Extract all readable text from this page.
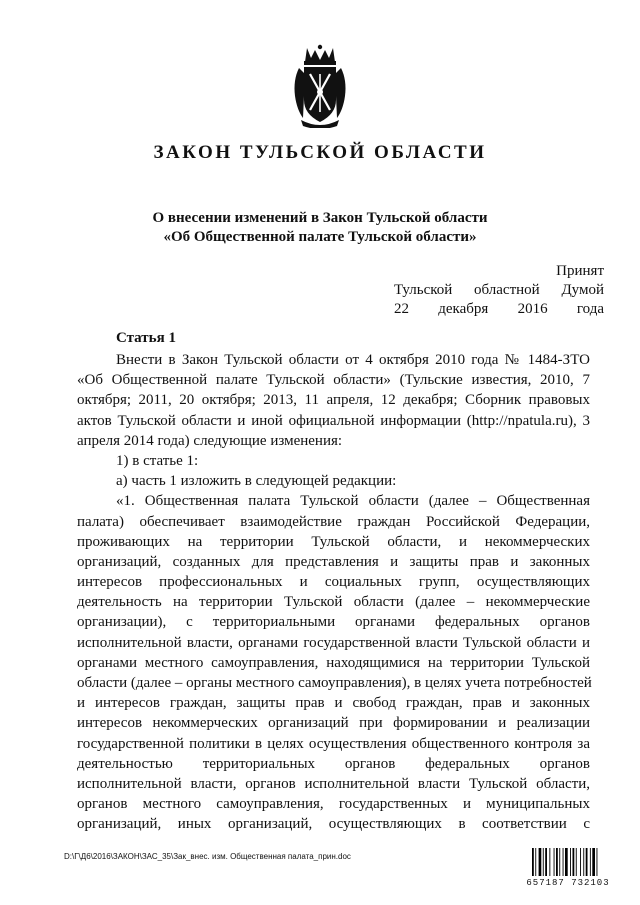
ЗАКОН ТУЛЬСКОЙ ОБЛАСТИ
О внесении изменений в Закон Тульской области
«Об Общественной палате Тульской области»
Принят
Тульской областной Думой
22 декабря 2016 года
Статья 1
Внести в Закон Тульской области от 4 октября 2010 года № 1484-ЗТО
«Об Общественной палате Тульской области» (Тульские известия, 2010, 7
октября; 2011, 20 октября; 2013, 11 апреля, 12 декабря; Сборник правовых
актов Тульской области и иной официальной информации (http://npatula.ru), 3
апреля 2014 года) следующие изменения:
1) в статье 1:
а) часть 1 изложить в следующей редакции:
«1. Общественная палата Тульской области (далее – Общественная
палата) обеспечивает взаимодействие граждан Российской Федерации,
проживающих на территории Тульской области, и некоммерческих
организаций, созданных для представления и защиты прав и законных
интересов профессиональных и социальных групп, осуществляющих
деятельность на территории Тульской области (далее – некоммерческие
организации), с территориальными органами федеральных органов
исполнительной власти, органами государственной власти Тульской области и
органами местного самоуправления, находящимися на территории Тульской
области (далее – органы местного самоуправления), в целях учета потребностей
и интересов граждан, защиты прав и свобод граждан, прав и законных
интересов некоммерческих организаций при формировании и реализации
государственной политики в целях осуществления общественного контроля за
деятельностью территориальных органов федеральных органов
исполнительной власти, органов исполнительной власти Тульской области,
органов местного самоуправления, государственных и муниципальных
организаций, иных организаций, осуществляющих в соответствии с
D:\Г\Д6\2016\ЗАКОН\ЗАС_35\Зак_внес. изм. Общественная палата_прин.doc
657187 732103
